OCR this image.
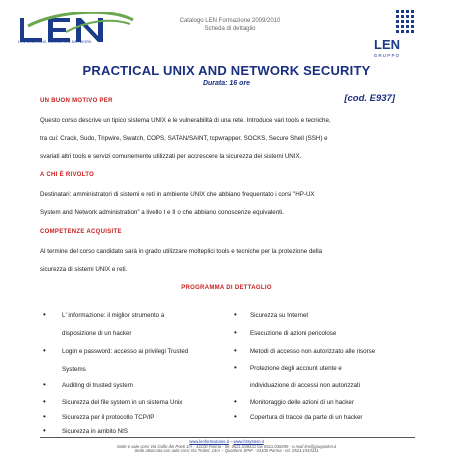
LEN LEARNING EDUCATION NETWORK
Catalogo LEN Formazione 2009/2010
Scheda di dettaglio
LEN
GRUPPO
PRACTICAL UNIX AND NETWORK SECURITY
Durata: 16 ore
[cod. E937]
UN BUON MOTIVO PER
Questo corso descrive un tipico sistema UNIX e le vulnerabilità di una rete. Introduce vari tools e tecniche,
tra cui: Crack, Sudo, Tripwire, Swatch, COPS, SATAN/SAINT, tcpwrapper, SOCKS, Secure Shell (SSH) e
svariati altri tools e servizi comunemente utilizzati per accrescere la sicurezza dei sistemi UNIX.
A CHI È RIVOLTO
Destinatari: amministratori di sistemi e reti in ambiente UNIX che abbiano frequentato i corsi "HP-UX
System and Network administration" a livello I e II o che abbiano conoscenze equivalenti.
COMPETENZE ACQUISITE
Al termine del corso candidato sarà in grado utilizzare molteplici tools e tecniche per la protezione della
sicurezza di sistemi UNIX e reti.
PROGRAMMA DI DETTAGLIO
•	L' informazione: il miglior strumento a
disposizione di un hacker
•	Login e password: accesso ai privilegi Trusted
Systems
•	Auditing di trusted system
•	Sicurezza del file system in un sistema Unix
• Sicurezza su Internet
• Esecuzione di azioni pericolose
• Metodi di accesso non autorizzato alle risorse
• Protezione degli account utente e
individuazione di accessi non autorizzati
• Monitoraggio delle azioni di un hacker
• Copertura di tracce da parte di un hacker
•	Sicurezza per il protocollo TCP/IP
•	Sicurezza in ambito NIS
www.lenformazione.it – www.hrsystem.it
Sede e aule corsi Via Golfo dei Poeti 1/A - 43100 Parma - tel. 0521.038431 fax 0521.038499 - e.mail len@gruppolen.it
Sede attaccata con aule corsi Via Trobel, 14/A – Quartiere SPIP - 43100 Parma - tel. 0521.1910311
